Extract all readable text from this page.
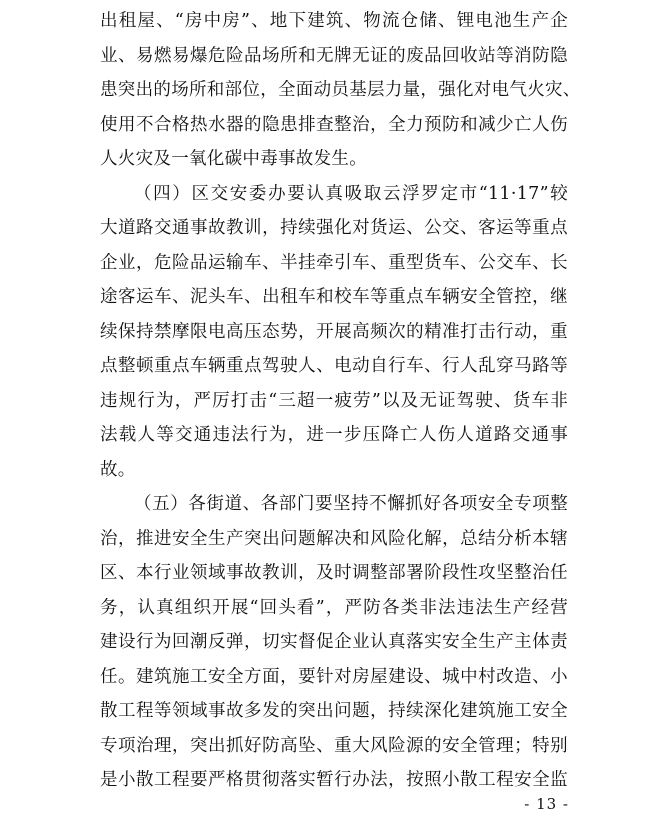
出租屋、“房中房”、地下建筑、物流仓储、锂电池生产企
业、易燃易爆危险品场所和无牌无证的废品回收站等消防隐
患突出的场所和部位，全面动员基层力量，强化对电气火灾、
使用不合格热水器的隐患排查整治，全力预防和减少亡人伤
人火灾及一氧化碳中毒事故发生。
（四）区交安委办要认真吸取云浮罗定市“11·17”较
大道路交通事故教训，持续强化对货运、公交、客运等重点
企业，危险品运输车、半挂牵引车、重型货车、公交车、长
途客运车、泥头车、出租车和校车等重点车辆安全管控，继
续保持禁摩限电高压态势，开展高频次的精准打击行动，重
点整顿重点车辆重点驾驶人、电动自行车、行人乱穿马路等
违规行为，严厉打击“三超一疲劳”以及无证驾驶、货车非
法载人等交通违法行为，进一步压降亡人伤人道路交通事
故。
（五）各街道、各部门要坚持不懈抓好各项安全专项整
治，推进安全生产突出问题解决和风险化解，总结分析本辖
区、本行业领域事故教训，及时调整部署阶段性攻坚整治任
务，认真组织开展“回头看”，严防各类非法违法生产经营
建设行为回潮反弹，切实督促企业认真落实安全生产主体责
任。建筑施工安全方面，要针对房屋建设、城中村改造、小
散工程等领域事故多发的突出问题，持续深化建筑施工安全
专项治理，突出抓好防高坠、重大风险源的安全管理；特别
是小散工程要严格贯彻落实暂行办法，按照小散工程安全监
- 13 -
